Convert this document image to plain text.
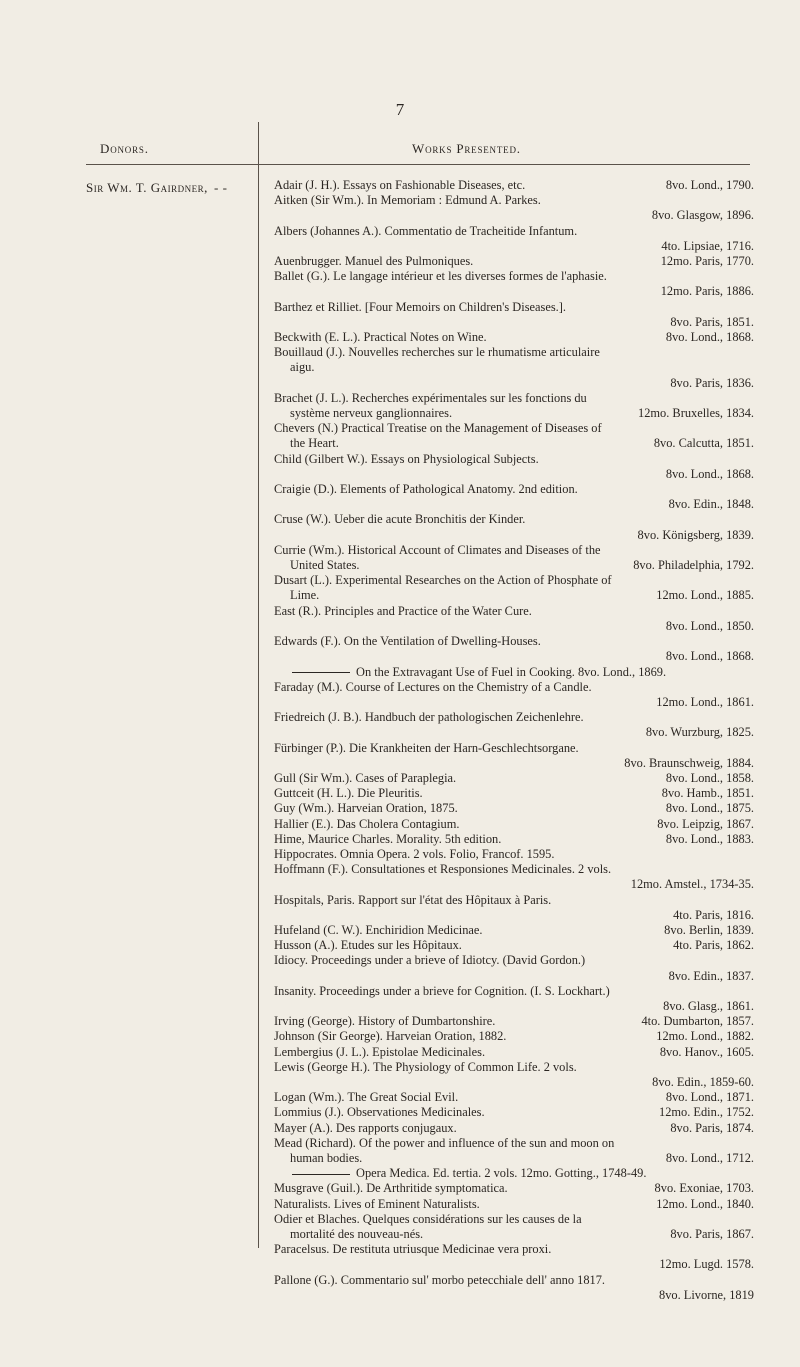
7
Donors.	Works Presented.
Sir Wm. T. Gairdner, - -	Adair (J. H.). Essays on Fashionable Diseases, etc.	8vo. Lond., 1790.
Aitken (Sir Wm.). In Memoriam : Edmund A. Parkes.
8vo. Glasgow, 1896.
Albers (Johannes A.). Commentatio de Tracheitide Infantum.
4to. Lipsiae, 1716.
Auenbrugger. Manuel des Pulmoniques.	12mo. Paris, 1770.
Ballet (G.). Le langage intérieur et les diverses formes de l'aphasie.
12mo. Paris, 1886.
Barthez et Rilliet. [Four Memoirs on Children's Diseases.].
8vo. Paris, 1851.
Beckwith (E. L.). Practical Notes on Wine.	8vo. Lond., 1868.
Bouillaud (J.). Nouvelles recherches sur le rhumatisme articulaire
aigu.
8vo. Paris, 1836.
Brachet (J. L.). Recherches expérimentales sur les fonctions du
système nerveux ganglionnaires.	12mo. Bruxelles, 1834.
Chevers (N.) Practical Treatise on the Management of Diseases of
the Heart.	8vo. Calcutta, 1851.
Child (Gilbert W.). Essays on Physiological Subjects.
8vo. Lond., 1868.
Craigie (D.). Elements of Pathological Anatomy. 2nd edition.
8vo. Edin., 1848.
Cruse (W.). Ueber die acute Bronchitis der Kinder.
8vo. Königsberg, 1839.
Currie (Wm.). Historical Account of Climates and Diseases of the
United States.	8vo. Philadelphia, 1792.
Dusart (L.). Experimental Researches on the Action of Phosphate of
Lime.	12mo. Lond., 1885.
East (R.). Principles and Practice of the Water Cure.
8vo. Lond., 1850.
Edwards (F.). On the Ventilation of Dwelling-Houses.
8vo. Lond., 1868.
On the Extravagant Use of Fuel in Cooking. 8vo. Lond., 1869.
Faraday (M.). Course of Lectures on the Chemistry of a Candle.
12mo. Lond., 1861.
Friedreich (J. B.). Handbuch der pathologischen Zeichenlehre.
8vo. Wurzburg, 1825.
Fürbinger (P.). Die Krankheiten der Harn-Geschlechtsorgane.
8vo. Braunschweig, 1884.
Gull (Sir Wm.). Cases of Paraplegia.	8vo. Lond., 1858.
Guttceit (H. L.). Die Pleuritis.	8vo. Hamb., 1851.
Guy (Wm.). Harveian Oration, 1875.	8vo. Lond., 1875.
Hallier (E.). Das Cholera Contagium.	8vo. Leipzig, 1867.
Hime, Maurice Charles. Morality. 5th edition.	8vo. Lond., 1883.
Hippocrates. Omnia Opera. 2 vols. Folio, Francof. 1595.
Hoffmann (F.). Consultationes et Responsiones Medicinales. 2 vols.
12mo. Amstel., 1734-35.
Hospitals, Paris. Rapport sur l'état des Hôpitaux à Paris.
4to. Paris, 1816.
Hufeland (C. W.). Enchiridion Medicinae.	8vo. Berlin, 1839.
Husson (A.). Etudes sur les Hôpitaux.	4to. Paris, 1862.
Idiocy. Proceedings under a brieve of Idiotcy. (David Gordon.)
8vo. Edin., 1837.
Insanity. Proceedings under a brieve for Cognition. (I. S. Lockhart.)
8vo. Glasg., 1861.
Irving (George). History of Dumbartonshire.	4to. Dumbarton, 1857.
Johnson (Sir George). Harveian Oration, 1882.	12mo. Lond., 1882.
Lembergius (J. L.). Epistolae Medicinales.	8vo. Hanov., 1605.
Lewis (George H.). The Physiology of Common Life. 2 vols.
8vo. Edin., 1859-60.
Logan (Wm.). The Great Social Evil.	8vo. Lond., 1871.
Lommius (J.). Observationes Medicinales.	12mo. Edin., 1752.
Mayer (A.). Des rapports conjugaux.	8vo. Paris, 1874.
Mead (Richard). Of the power and influence of the sun and moon on
human bodies.	8vo. Lond., 1712.
Opera Medica. Ed. tertia. 2 vols. 12mo. Gotting., 1748-49.
Musgrave (Guil.). De Arthritide symptomatica.	8vo. Exoniae, 1703.
Naturalists. Lives of Eminent Naturalists.	12mo. Lond., 1840.
Odier et Blaches. Quelques considérations sur les causes de la
mortalité des nouveau-nés.	8vo. Paris, 1867.
Paracelsus. De restituta utriusque Medicinae vera proxi.
12mo. Lugd. 1578.
Pallone (G.). Commentario sul' morbo petecchiale dell' anno 1817.
8vo. Livorne, 1819
